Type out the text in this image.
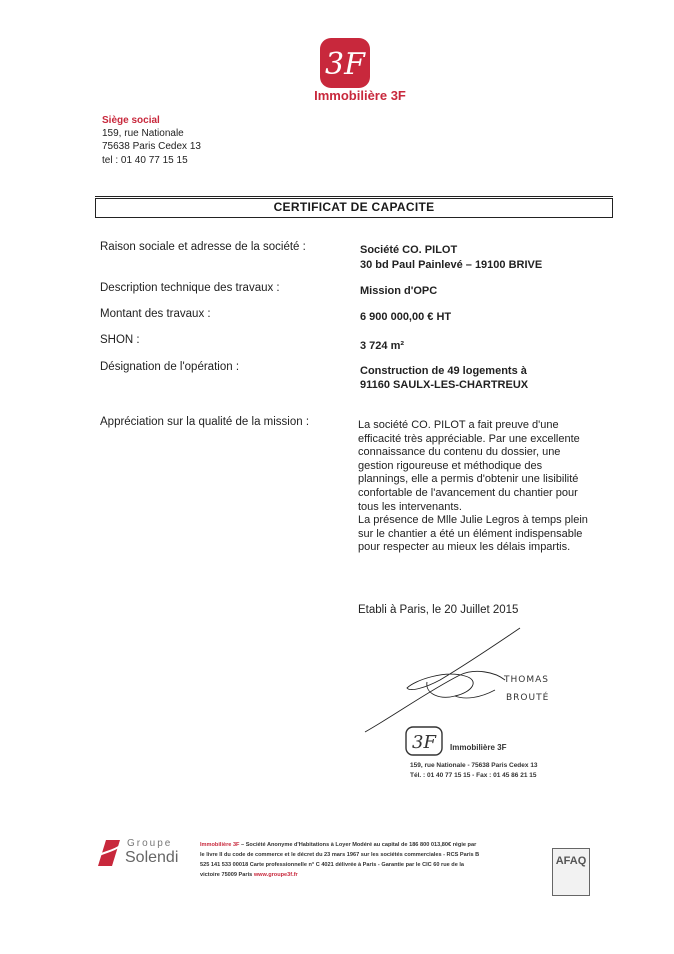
3F
Immobilière 3F
Siège social
159, rue Nationale
75638 Paris Cedex 13
tel : 01 40 77 15 15
CERTIFICAT DE CAPACITE
Raison sociale et adresse de la société :	Société CO. PILOT
30 bd Paul Painlevé – 19100 BRIVE
Description technique des travaux :	Mission d'OPC
Montant des travaux :	6 900 000,00 € HT
SHON :	3 724 m²
Désignation de l'opération :	Construction de 49 logements à
91160 SAULX-LES-CHARTREUX
Appréciation sur la qualité de la mission :	La société CO. PILOT a fait preuve d'une
efficacité très appréciable. Par une excellente
connaissance du contenu du dossier, une
gestion rigoureuse et méthodique des
plannings, elle a permis d'obtenir une lisibilité
confortable de l'avancement du chantier pour
tous les intervenants.
La présence de Mlle Julie Legros à temps plein
sur le chantier a été un élément indispensable
pour respecter au mieux les délais impartis.
Etabli à Paris, le 20 Juillet 2015
THOMAS
BROUTÉ
3F Immobilière 3F
159, rue Nationale - 75638 Paris Cedex 13
Tél. : 01 40 77 15 15 - Fax : 01 45 86 21 15
Groupe
Solendi
Immobilière 3F – Société Anonyme d'Habitations à Loyer Modéré au capital de 186 800 013,80€ régie par
le livre II du code de commerce et le décret du 23 mars 1967 sur les sociétés commerciales - RCS Paris B
525 141 533 00018 Carte professionnelle n° C 4021 délivrée à Paris - Garantie par le CIC 60 rue de la
victoire 75009 Paris www.groupe3f.fr
AFAQ
